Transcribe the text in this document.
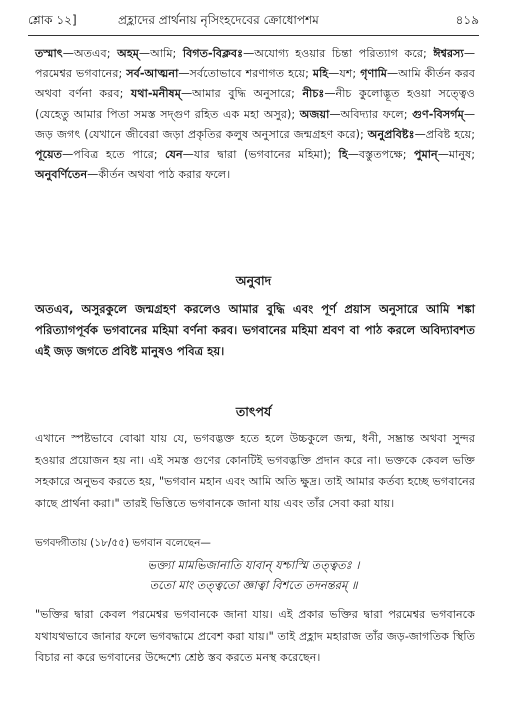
শ্লোক ১২]	প্রহ্লাদের প্রার্থনায় নৃসিংহদেবের ক্রোধোপশম	৪১৯
তস্মাৎ—অতএব; অহম্—আমি; বিগত-বিক্লবঃ—অযোগ্য হওয়ার চিন্তা পরিত্যাগ করে; ঈশ্বরস্য—পরমেশ্বর ভগবানের; সর্ব-আত্মনা—সর্বতোভাবে শরণাগত হয়ে; মহি—যশ; গৃণামি—আমি কীর্তন করব অথবা বর্ণনা করব; যথা-মনীষম্—আমার বুদ্ধি অনুসারে; নীচঃ—নীচ কুলোদ্ভূত হওয়া সত্ত্বেও (যেহেতু আমার পিতা সমস্ত সদ্গুণ রহিত এক মহা অসুর); অজয়া—অবিদ্যার ফলে; গুণ-বিসর্গম্—জড় জগৎ (যেখানে জীবেরা জড়া প্রকৃতির কলুষ অনুসারে জন্মগ্রহণ করে); অনুপ্রবিষ্টঃ—প্রবিষ্ট হয়ে; পূয়েত—পবিত্র হতে পারে; যেন—যার দ্বারা (ভগবানের মহিমা); হি—বস্তুতপক্ষে; পুমান্—মানুষ; অনুবর্ণিতেন—কীর্তন অথবা পাঠ করার ফলে।
অনুবাদ
অতএব, অসুরকুলে জন্মগ্রহণ করলেও আমার বুদ্ধি এবং পূর্ণ প্রয়াস অনুসারে আমি শঙ্কা পরিত্যাগপূর্বক ভগবানের মহিমা বর্ণনা করব। ভগবানের মহিমা শ্রবণ বা পাঠ করলে অবিদ্যাবশত এই জড় জগতে প্রবিষ্ট মানুষও পবিত্র হয়।
তাৎপর্য
এখানে স্পষ্টভাবে বোঝা যায় যে, ভগবদ্ভক্ত হতে হলে উচ্চকুলে জন্ম, ধনী, সম্ভ্রান্ত অথবা সুন্দর হওয়ার প্রয়োজন হয় না। এই সমস্ত গুণের কোনটিই ভগবদ্ভক্তি প্রদান করে না। ভক্তকে কেবল ভক্তি সহকারে অনুভব করতে হয়, "ভগবান মহান এবং আমি অতি ক্ষুদ্র। তাই আমার কর্তব্য হচ্ছে ভগবানের কাছে প্রার্থনা করা।" তারই ভিত্তিতে ভগবানকে জানা যায় এবং তাঁর সেবা করা যায়।
ভগবদ্গীতায় (১৮/৫৫) ভগবান বলেছেন—
ভক্ত্যা মামভিজানাতি যাবান্ যশ্চাস্মি তত্ত্বতঃ ।
ততো মাং তত্ত্বতো জ্ঞাত্বা বিশতে তদনন্তরম্ ॥
"ভক্তির দ্বারা কেবল পরমেশ্বর ভগবানকে জানা যায়। এই প্রকার ভক্তির দ্বারা পরমেশ্বর ভগবানকে যথাযথভাবে জানার ফলে ভগবদ্ধামে প্রবেশ করা যায়।" তাই প্রহ্লাদ মহারাজ তাঁর জড়-জাগতিক স্থিতি বিচার না করে ভগবানের উদ্দেশ্যে শ্রেষ্ঠ স্তব করতে মনস্থ করেছেন।
